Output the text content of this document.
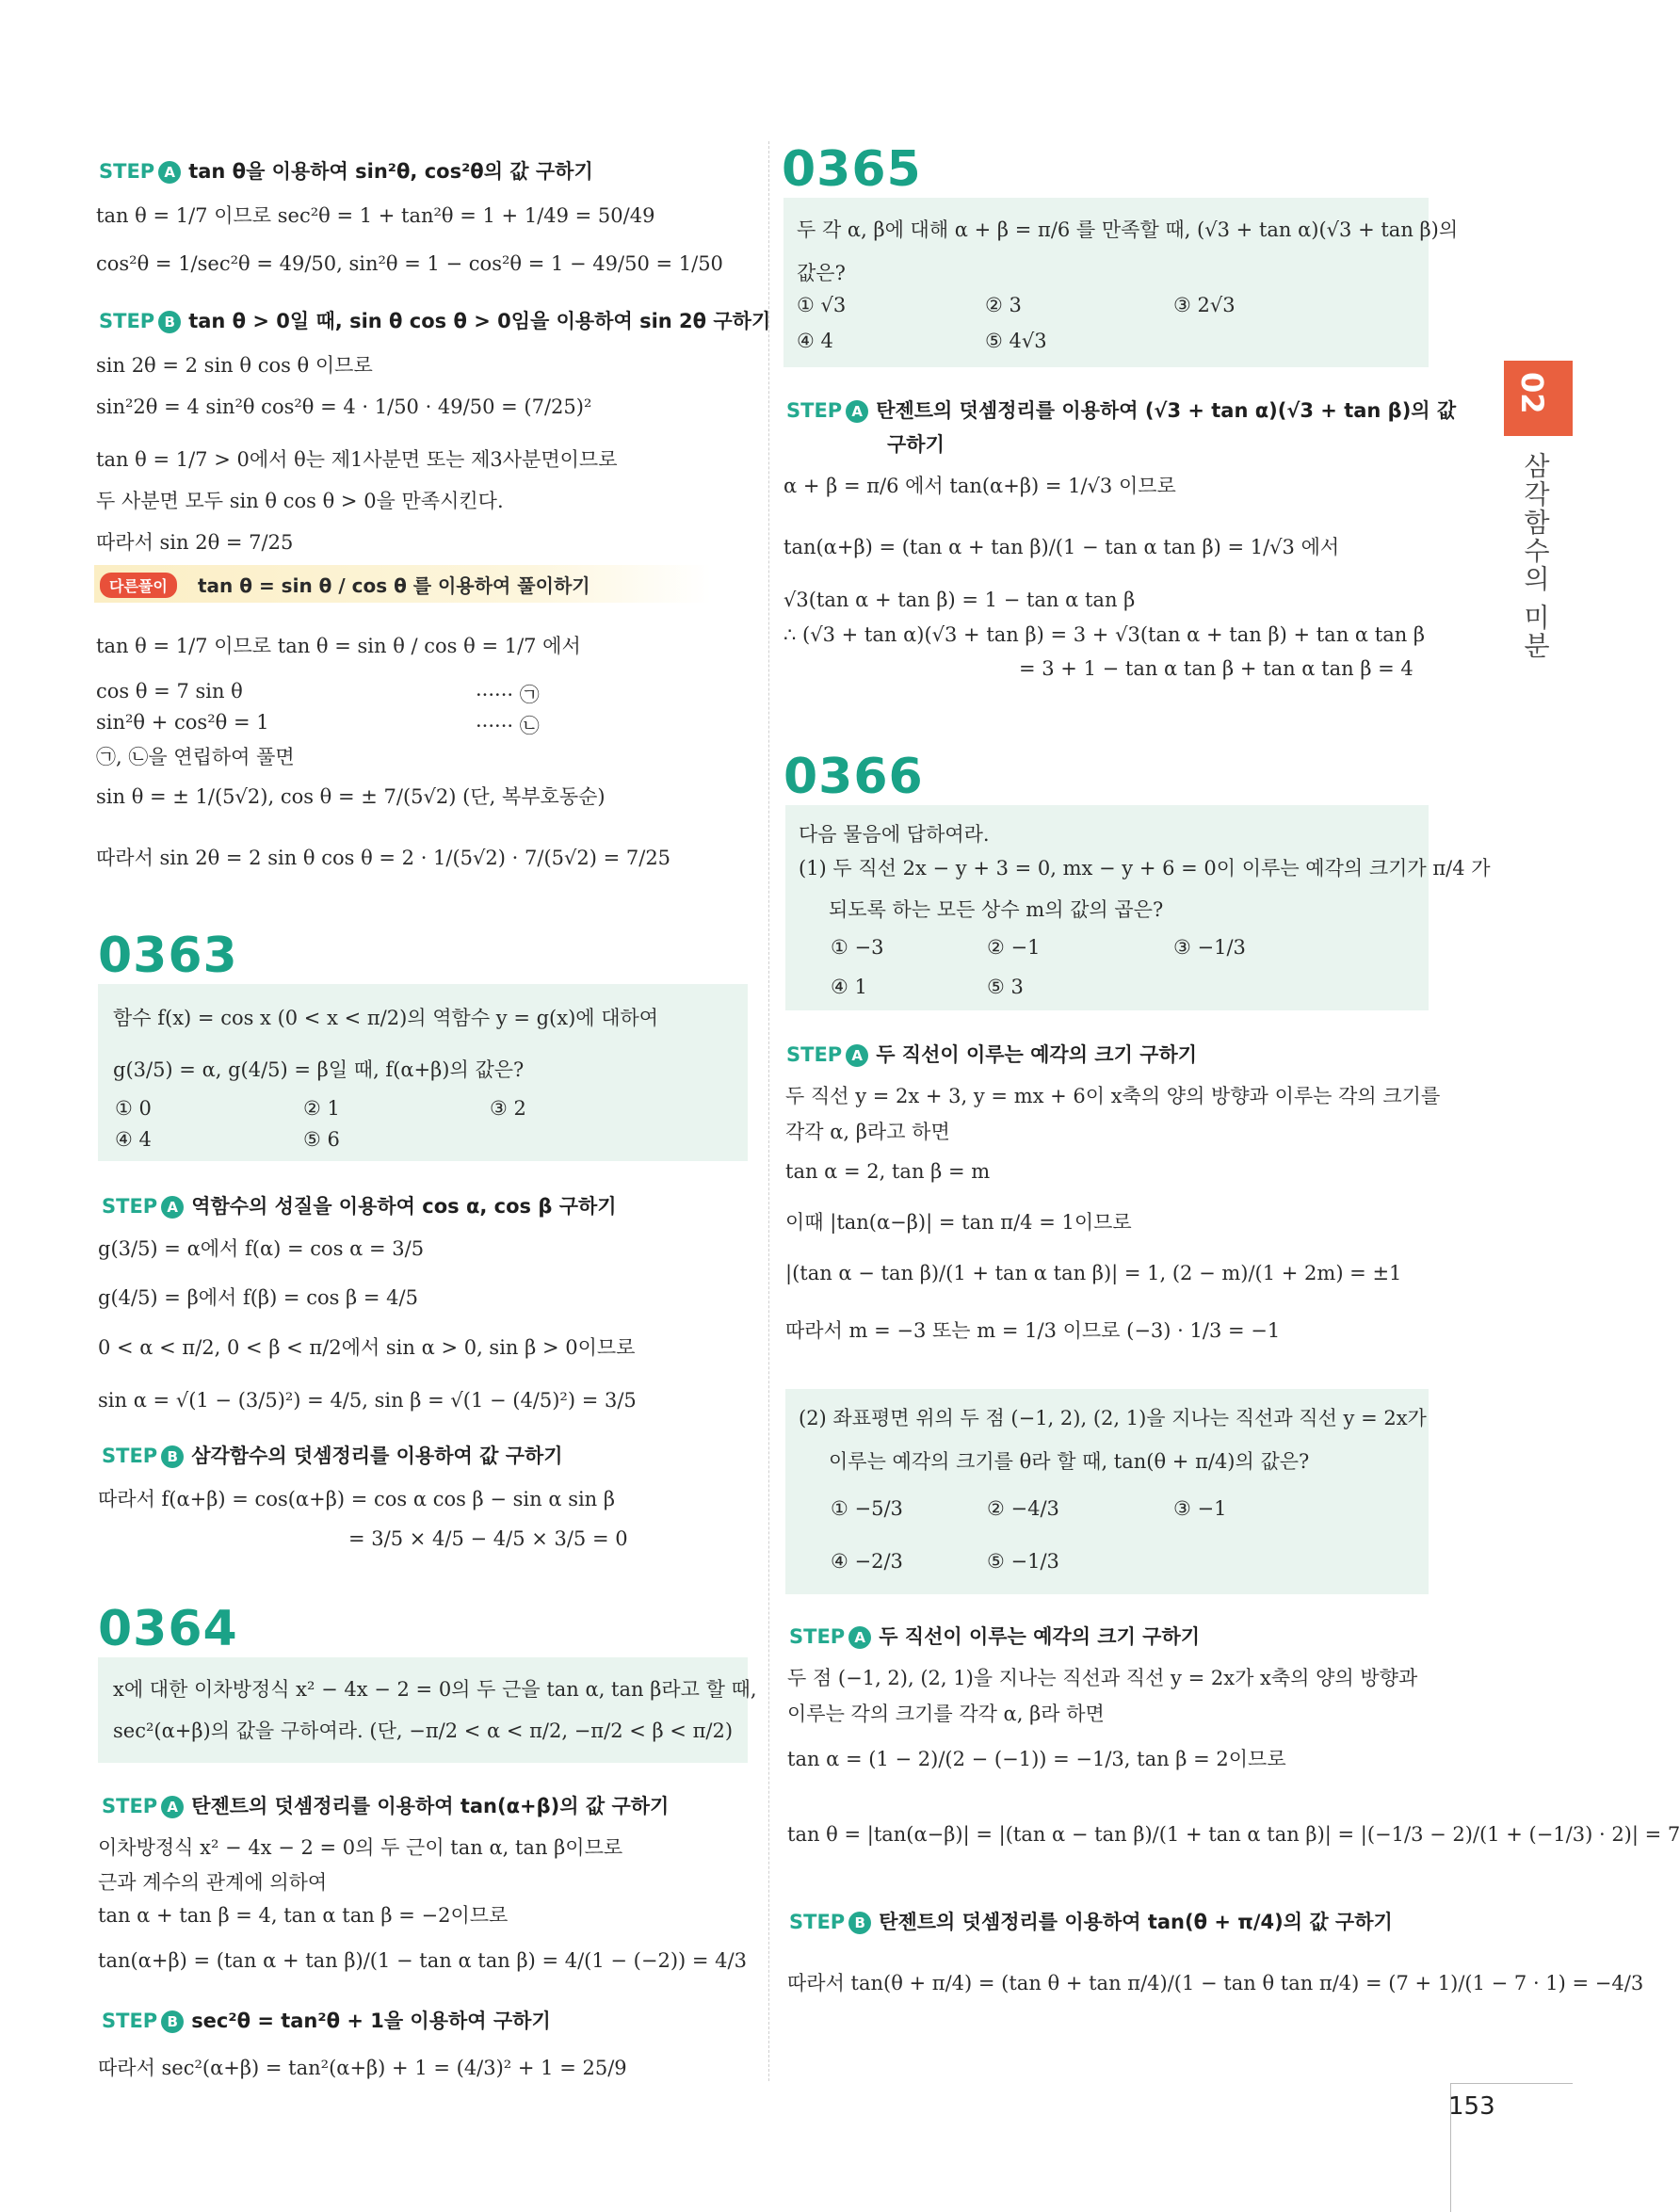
02
삼각함수의 미분
153
STEP A tan θ을 이용하여 sin²θ, cos²θ의 값 구하기
tan θ = 1/7 이므로 sec²θ = 1 + tan²θ = 1 + 1/49 = 50/49
cos²θ = 1/sec²θ = 49/50, sin²θ = 1 − cos²θ = 1 − 49/50 = 1/50
STEP B tan θ > 0일 때, sin θ cos θ > 0임을 이용하여 sin 2θ 구하기
sin 2θ = 2 sin θ cos θ 이므로
sin²2θ = 4 sin²θ cos²θ = 4 · 1/50 · 49/50 = (7/25)²
tan θ = 1/7 > 0에서 θ는 제1사분면 또는 제3사분면이므로
두 사분면 모두 sin θ cos θ > 0을 만족시킨다.
따라서 sin 2θ = 7/25
다른풀이	tan θ = sin θ / cos θ 를 이용하여 풀이하기
tan θ = 1/7 이므로 tan θ = sin θ / cos θ = 1/7 에서
cos θ = 7 sin θ	······ ㉠
sin²θ + cos²θ = 1	······ ㉡
㉠, ㉡을 연립하여 풀면
sin θ = ± 1/(5√2), cos θ = ± 7/(5√2) (단, 복부호동순)
따라서 sin 2θ = 2 sin θ cos θ = 2 · 1/(5√2) · 7/(5√2) = 7/25
0363
함수 f(x) = cos x (0 < x < π/2)의 역함수 y = g(x)에 대하여
g(3/5) = α, g(4/5) = β일 때, f(α+β)의 값은?
① 0	② 1	③ 2
④ 4	⑤ 6
STEP A 역함수의 성질을 이용하여 cos α, cos β 구하기
g(3/5) = α에서 f(α) = cos α = 3/5
g(4/5) = β에서 f(β) = cos β = 4/5
0 < α < π/2, 0 < β < π/2에서 sin α > 0, sin β > 0이므로
sin α = √(1 − (3/5)²) = 4/5, sin β = √(1 − (4/5)²) = 3/5
STEP B 삼각함수의 덧셈정리를 이용하여 값 구하기
따라서 f(α+β) = cos(α+β) = cos α cos β − sin α sin β
= 3/5 × 4/5 − 4/5 × 3/5 = 0
0364
x에 대한 이차방정식 x² − 4x − 2 = 0의 두 근을 tan α, tan β라고 할 때,
sec²(α+β)의 값을 구하여라. (단, −π/2 < α < π/2, −π/2 < β < π/2)
STEP A 탄젠트의 덧셈정리를 이용하여 tan(α+β)의 값 구하기
이차방정식 x² − 4x − 2 = 0의 두 근이 tan α, tan β이므로
근과 계수의 관계에 의하여
tan α + tan β = 4, tan α tan β = −2이므로
tan(α+β) = (tan α + tan β)/(1 − tan α tan β) = 4/(1 − (−2)) = 4/3
STEP B sec²θ = tan²θ + 1을 이용하여 구하기
따라서 sec²(α+β) = tan²(α+β) + 1 = (4/3)² + 1 = 25/9
0365
두 각 α, β에 대해 α + β = π/6 를 만족할 때, (√3 + tan α)(√3 + tan β)의
값은?
① √3	② 3	③ 2√3
④ 4	⑤ 4√3
STEP A 탄젠트의 덧셈정리를 이용하여 (√3 + tan α)(√3 + tan β)의 값
구하기
α + β = π/6 에서 tan(α+β) = 1/√3 이므로
tan(α+β) = (tan α + tan β)/(1 − tan α tan β) = 1/√3 에서
√3(tan α + tan β) = 1 − tan α tan β
∴ (√3 + tan α)(√3 + tan β) = 3 + √3(tan α + tan β) + tan α tan β
= 3 + 1 − tan α tan β + tan α tan β = 4
0366
다음 물음에 답하여라.
(1) 두 직선 2x − y + 3 = 0, mx − y + 6 = 0이 이루는 예각의 크기가 π/4 가
되도록 하는 모든 상수 m의 값의 곱은?
① −3	② −1	③ −1/3
④ 1	⑤ 3
STEP A 두 직선이 이루는 예각의 크기 구하기
두 직선 y = 2x + 3, y = mx + 6이 x축의 양의 방향과 이루는 각의 크기를
각각 α, β라고 하면
tan α = 2, tan β = m
이때 |tan(α−β)| = tan π/4 = 1이므로
|(tan α − tan β)/(1 + tan α tan β)| = 1, (2 − m)/(1 + 2m) = ±1
따라서 m = −3 또는 m = 1/3 이므로 (−3) · 1/3 = −1
(2) 좌표평면 위의 두 점 (−1, 2), (2, 1)을 지나는 직선과 직선 y = 2x가
이루는 예각의 크기를 θ라 할 때, tan(θ + π/4)의 값은?
① −5/3	② −4/3	③ −1
④ −2/3	⑤ −1/3
STEP A 두 직선이 이루는 예각의 크기 구하기
두 점 (−1, 2), (2, 1)을 지나는 직선과 직선 y = 2x가 x축의 양의 방향과
이루는 각의 크기를 각각 α, β라 하면
tan α = (1 − 2)/(2 − (−1)) = −1/3, tan β = 2이므로
tan θ = |tan(α−β)| = |(tan α − tan β)/(1 + tan α tan β)| = |(−1/3 − 2)/(1 + (−1/3) · 2)| = 7
STEP B 탄젠트의 덧셈정리를 이용하여 tan(θ + π/4)의 값 구하기
따라서 tan(θ + π/4) = (tan θ + tan π/4)/(1 − tan θ tan π/4) = (7 + 1)/(1 − 7 · 1) = −4/3
